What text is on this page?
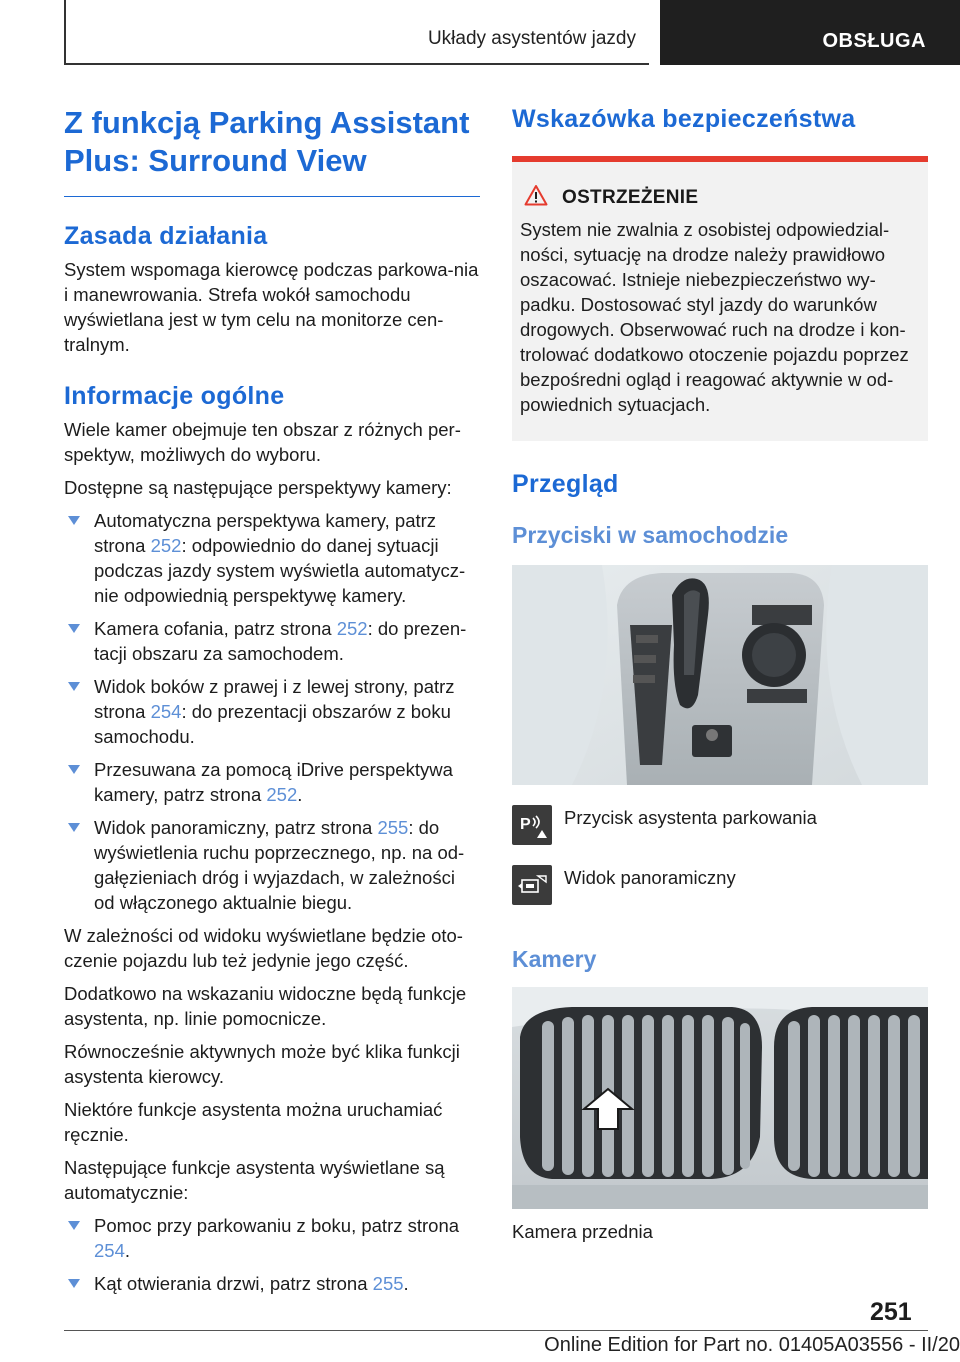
Układy asystentów jazdy	OBSŁUGA
Z funkcją Parking Assistant Plus: Surround View
Zasada działania
System wspomaga kierowcę podczas parkowa-nia i manewrowania. Strefa wokół samochodu wyświetlana jest w tym celu na monitorze cen-tralnym.
Informacje ogólne
Wiele kamer obejmuje ten obszar z różnych per-spektyw, możliwych do wyboru.
Dostępne są następujące perspektywy kamery:
Automatyczna perspektywa kamery, patrz strona 252: odpowiednio do danej sytuacji podczas jazdy system wyświetla automatycz-nie odpowiednią perspektywę kamery.
Kamera cofania, patrz strona 252: do prezen-tacji obszaru za samochodem.
Widok boków z prawej i z lewej strony, patrz strona 254: do prezentacji obszarów z boku samochodu.
Przesuwana za pomocą iDrive perspektywa kamery, patrz strona 252.
Widok panoramiczny, patrz strona 255: do wyświetlenia ruchu poprzecznego, np. na od-gałęzieniach dróg i wyjazdach, w zależności od włączonego aktualnie biegu.
W zależności od widoku wyświetlane będzie oto-czenie pojazdu lub też jedynie jego część.
Dodatkowo na wskazaniu widoczne będą funkcje asystenta, np. linie pomocnicze.
Równocześnie aktywnych może być klika funkcji asystenta kierowcy.
Niektóre funkcje asystenta można uruchamiać ręcznie.
Następujące funkcje asystenta wyświetlane są automatycznie:
Pomoc przy parkowaniu z boku, patrz strona 254.
Kąt otwierania drzwi, patrz strona 255.
Wskazówka bezpieczeństwa
OSTRZEŻENIE
System nie zwalnia z osobistej odpowiedzial-ności, sytuację na drodze należy prawidłowo oszacować. Istnieje niebezpieczeństwo wy-padku. Dostosować styl jazdy do warunków drogowych. Obserwować ruch na drodze i kon-trolować dodatkowo otoczenie pojazdu poprzez bezpośredni ogląd i reagować aktywnie w od-powiednich sytuacjach.
Przegląd
Przyciski w samochodzie
P Przycisk asystenta parkowania
Widok panoramiczny
Kamery
Kamera przednia
251
Online Edition for Part no. 01405A03556 - II/20
